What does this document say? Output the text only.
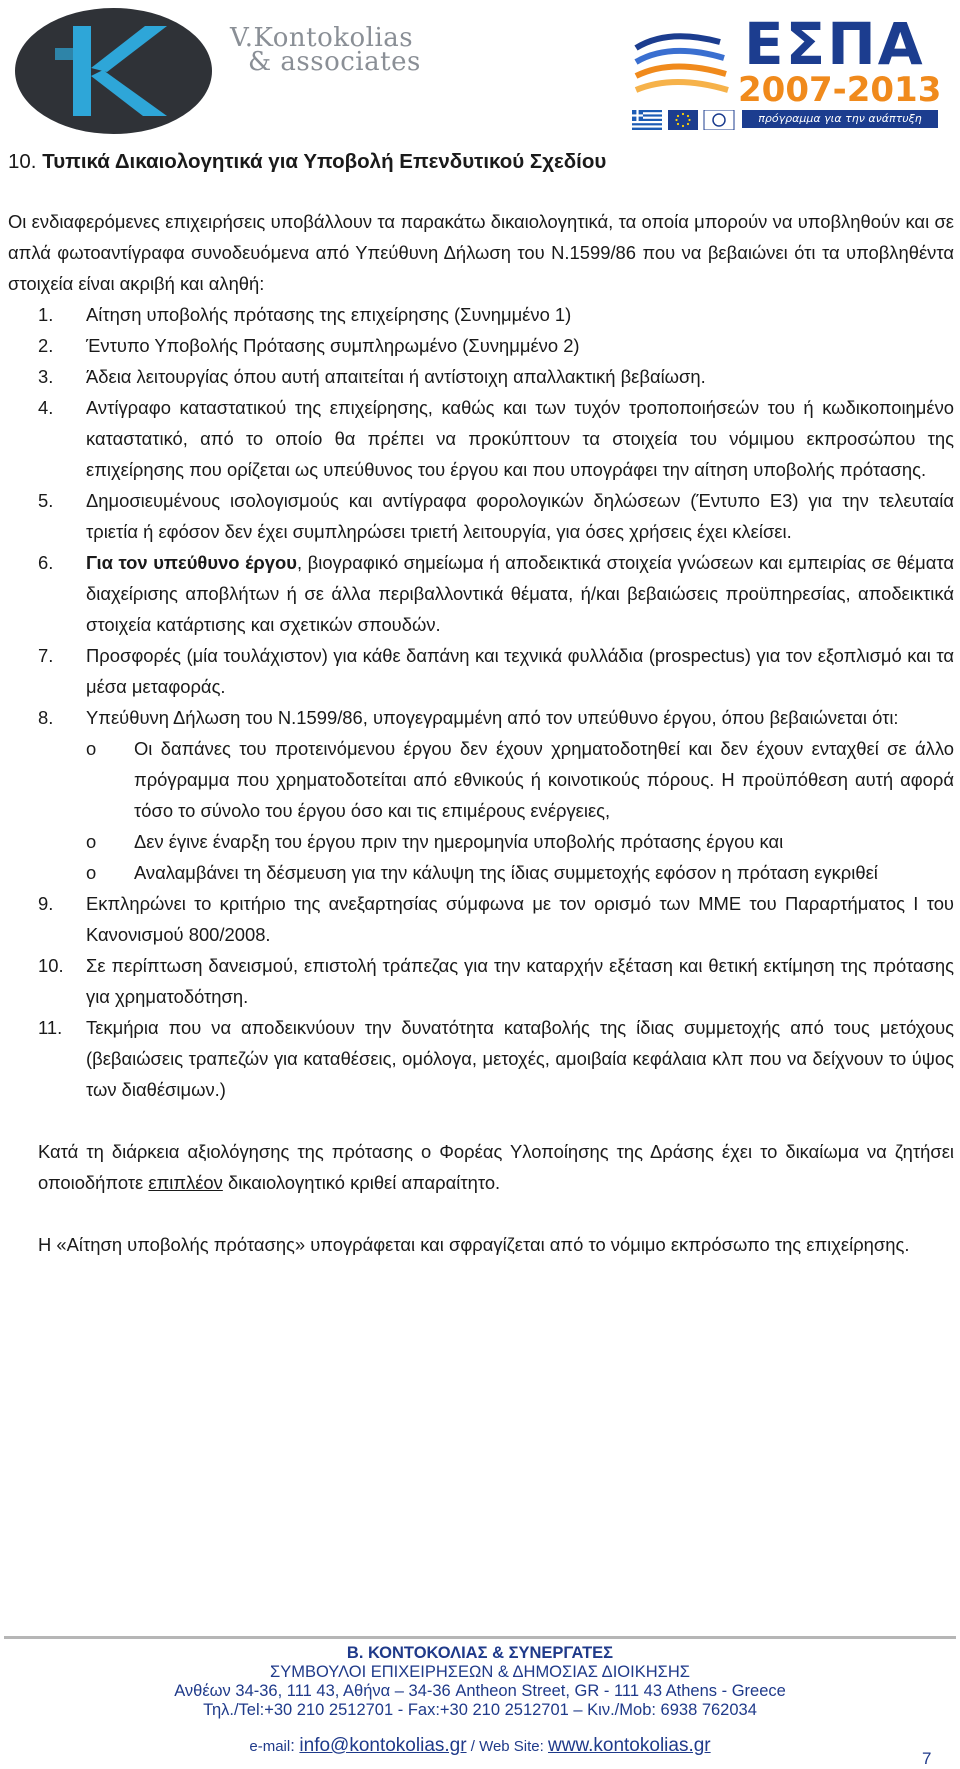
V.Kontokolias
& associates	ΕΣΠΑ
2007-2013
πρόγραμμα για την ανάπτυξη
10. Τυπικά Δικαιολογητικά για Υποβολή Επενδυτικού Σχεδίου

Οι ενδιαφερόμενες επιχειρήσεις υποβάλλουν τα παρακάτω δικαιολογητικά, τα οποία μπορούν να υποβληθούν και σε απλά φωτοαντίγραφα συνοδευόμενα από Υπεύθυνη Δήλωση του Ν.1599/86 που να βεβαιώνει ότι τα υποβληθέντα στοιχεία είναι ακριβή και αληθή:

1. Αίτηση υποβολής πρότασης της επιχείρησης (Συνημμένο 1)
2. Έντυπο Υποβολής Πρότασης συμπληρωμένο (Συνημμένο 2)
3. Άδεια λειτουργίας όπου αυτή απαιτείται ή αντίστοιχη απαλλακτική βεβαίωση.
4. Αντίγραφο καταστατικού της επιχείρησης, καθώς και των τυχόν τροποποιήσεών του ή κωδικοποιημένο καταστατικό, από το οποίο θα πρέπει να προκύπτουν τα στοιχεία του νόμιμου εκπροσώπου της επιχείρησης που ορίζεται ως υπεύθυνος του έργου και που υπογράφει την αίτηση υποβολής πρότασης.
5. Δημοσιευμένους ισολογισμούς και αντίγραφα φορολογικών δηλώσεων (Έντυπο Ε3) για την τελευταία τριετία ή εφόσον δεν έχει συμπληρώσει τριετή λειτουργία, για όσες χρήσεις έχει κλείσει.
6. Για τον υπεύθυνο έργου, βιογραφικό σημείωμα ή αποδεικτικά στοιχεία γνώσεων και εμπειρίας σε θέματα διαχείρισης αποβλήτων ή σε άλλα περιβαλλοντικά θέματα, ή/και βεβαιώσεις προϋπηρεσίας, αποδεικτικά στοιχεία κατάρτισης και σχετικών σπουδών.
7. Προσφορές (μία τουλάχιστον) για κάθε δαπάνη και τεχνικά φυλλάδια (prospectus) για τον εξοπλισμό και τα μέσα μεταφοράς.
8. Υπεύθυνη Δήλωση του Ν.1599/86, υπογεγραμμένη από τον υπεύθυνο έργου, όπου βεβαιώνεται ότι:
o Οι δαπάνες του προτεινόμενου έργου δεν έχουν χρηματοδοτηθεί και δεν έχουν ενταχθεί σε άλλο πρόγραμμα που χρηματοδοτείται από εθνικούς ή κοινοτικούς πόρους. Η προϋπόθεση αυτή αφορά τόσο το σύνολο του έργου όσο και τις επιμέρους ενέργειες,
o Δεν έγινε έναρξη του έργου πριν την ημερομηνία υποβολής πρότασης έργου και
o Αναλαμβάνει τη δέσμευση για την κάλυψη της ίδιας συμμετοχής εφόσον η πρόταση εγκριθεί
9. Εκπληρώνει το κριτήριο της ανεξαρτησίας σύμφωνα με τον ορισμό των ΜΜΕ του Παραρτήματος Ι του Κανονισμού 800/2008.
10. Σε περίπτωση δανεισμού, επιστολή τράπεζας για την καταρχήν εξέταση και θετική εκτίμηση της πρότασης για χρηματοδότηση.
11. Τεκμήρια που να αποδεικνύουν την δυνατότητα καταβολής της ίδιας συμμετοχής από τους μετόχους (βεβαιώσεις τραπεζών για καταθέσεις, ομόλογα, μετοχές, αμοιβαία κεφάλαια κλπ που να δείχνουν το ύψος των διαθέσιμων.)

Κατά τη διάρκεια αξιολόγησης της πρότασης ο Φορέας Υλοποίησης της Δράσης έχει το δικαίωμα να ζητήσει οποιοδήποτε επιπλέον δικαιολογητικό κριθεί απαραίτητο.

Η «Αίτηση υποβολής πρότασης» υπογράφεται και σφραγίζεται από το νόμιμο εκπρόσωπο της επιχείρησης.

Β. ΚΟΝΤΟΚΟΛΙΑΣ & ΣΥΝΕΡΓΑΤΕΣ
ΣΥΜΒΟΥΛΟΙ ΕΠΙΧΕΙΡΗΣΕΩΝ & ΔΗΜΟΣΙΑΣ ΔΙΟΙΚΗΣΗΣ
Ανθέων 34-36, 111 43, Αθήνα – 34-36 Antheon Street, GR - 111 43 Athens - Greece
Τηλ./Tel:+30 210 2512701 - Fax:+30 210 2512701 – Κιν./Mob: 6938 762034
e-mail: info@kontokolias.gr / Web Site: www.kontokolias.gr
7
